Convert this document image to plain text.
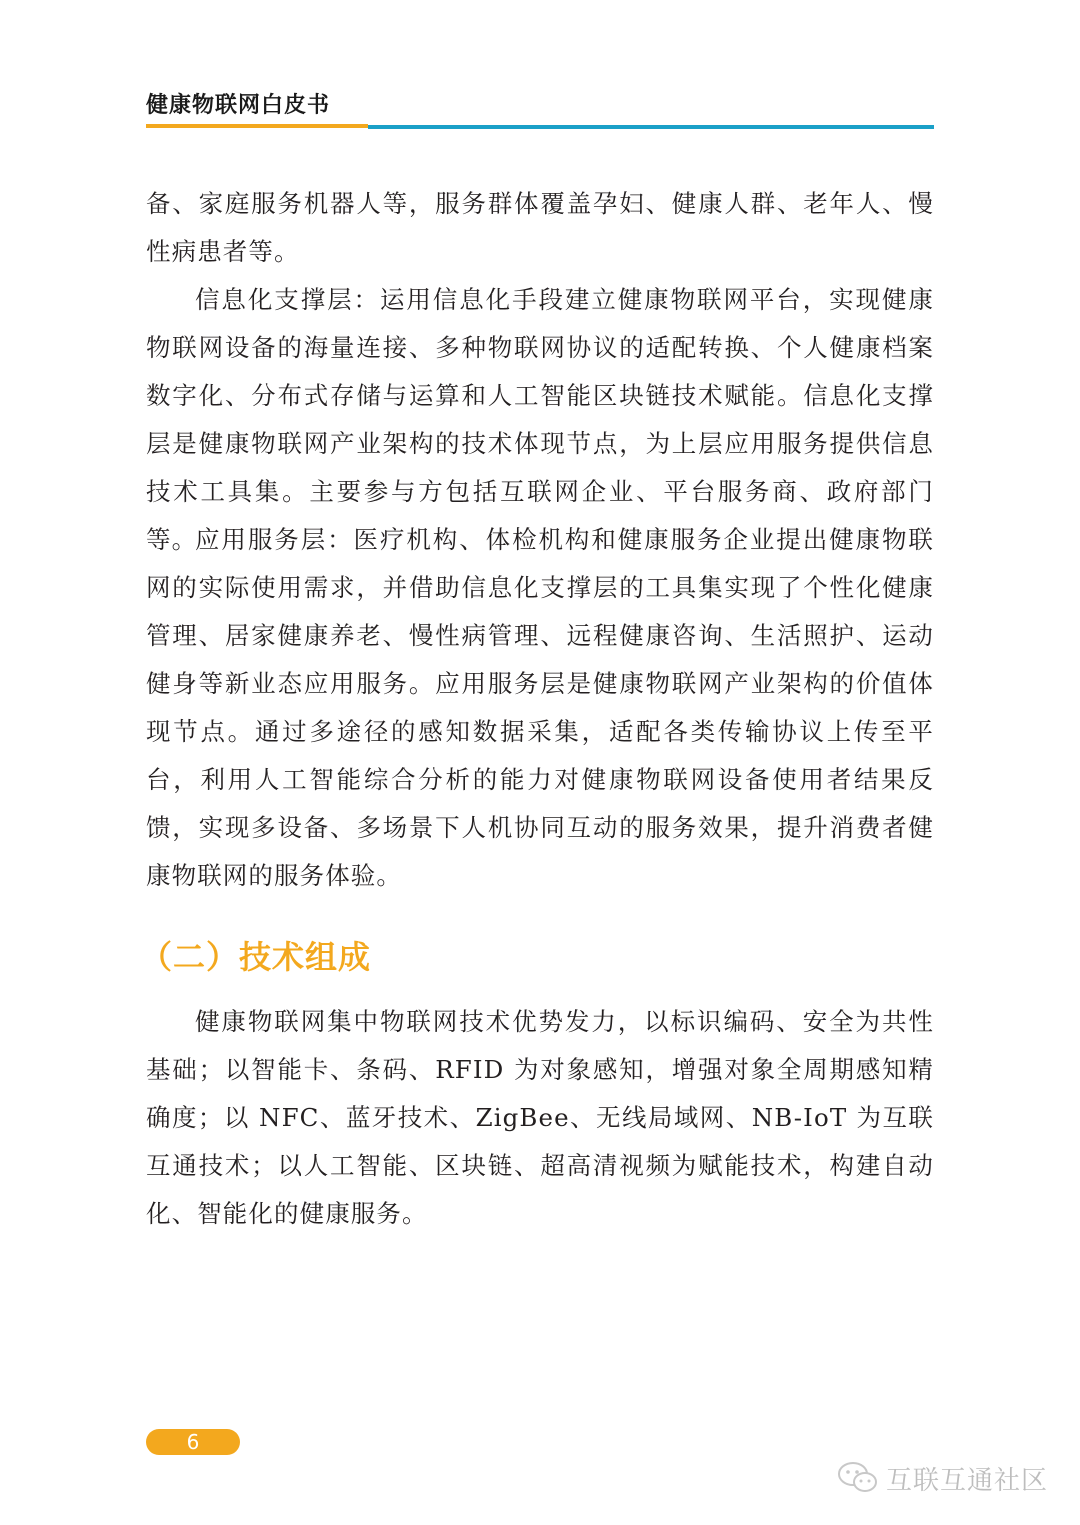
健康物联网白皮书

备、家庭服务机器人等，服务群体覆盖孕妇、健康人群、老年人、慢性病患者等。

信息化支撑层：运用信息化手段建立健康物联网平台，实现健康物联网设备的海量连接、多种物联网协议的适配转换、个人健康档案数字化、分布式存储与运算和人工智能区块链技术赋能。信息化支撑层是健康物联网产业架构的技术体现节点，为上层应用服务提供信息技术工具集。主要参与方包括互联网企业、平台服务商、政府部门等。

应用服务层：医疗机构、体检机构和健康服务企业提出健康物联网的实际使用需求，并借助信息化支撑层的工具集实现了个性化健康管理、居家健康养老、慢性病管理、远程健康咨询、生活照护、运动健身等新业态应用服务。应用服务层是健康物联网产业架构的价值体现节点。通过多途径的感知数据采集，适配各类传输协议上传至平台，利用人工智能综合分析的能力对健康物联网设备使用者结果反馈，实现多设备、多场景下人机协同互动的服务效果，提升消费者健康物联网的服务体验。

（二）技术组成

健康物联网集中物联网技术优势发力，以标识编码、安全为共性基础；以智能卡、条码、RFID 为对象感知，增强对象全周期感知精确度；以 NFC、蓝牙技术、ZigBee、无线局域网、NB-IoT 为互联互通技术；以人工智能、区块链、超高清视频为赋能技术，构建自动化、智能化的健康服务。

6
互联互通社区
